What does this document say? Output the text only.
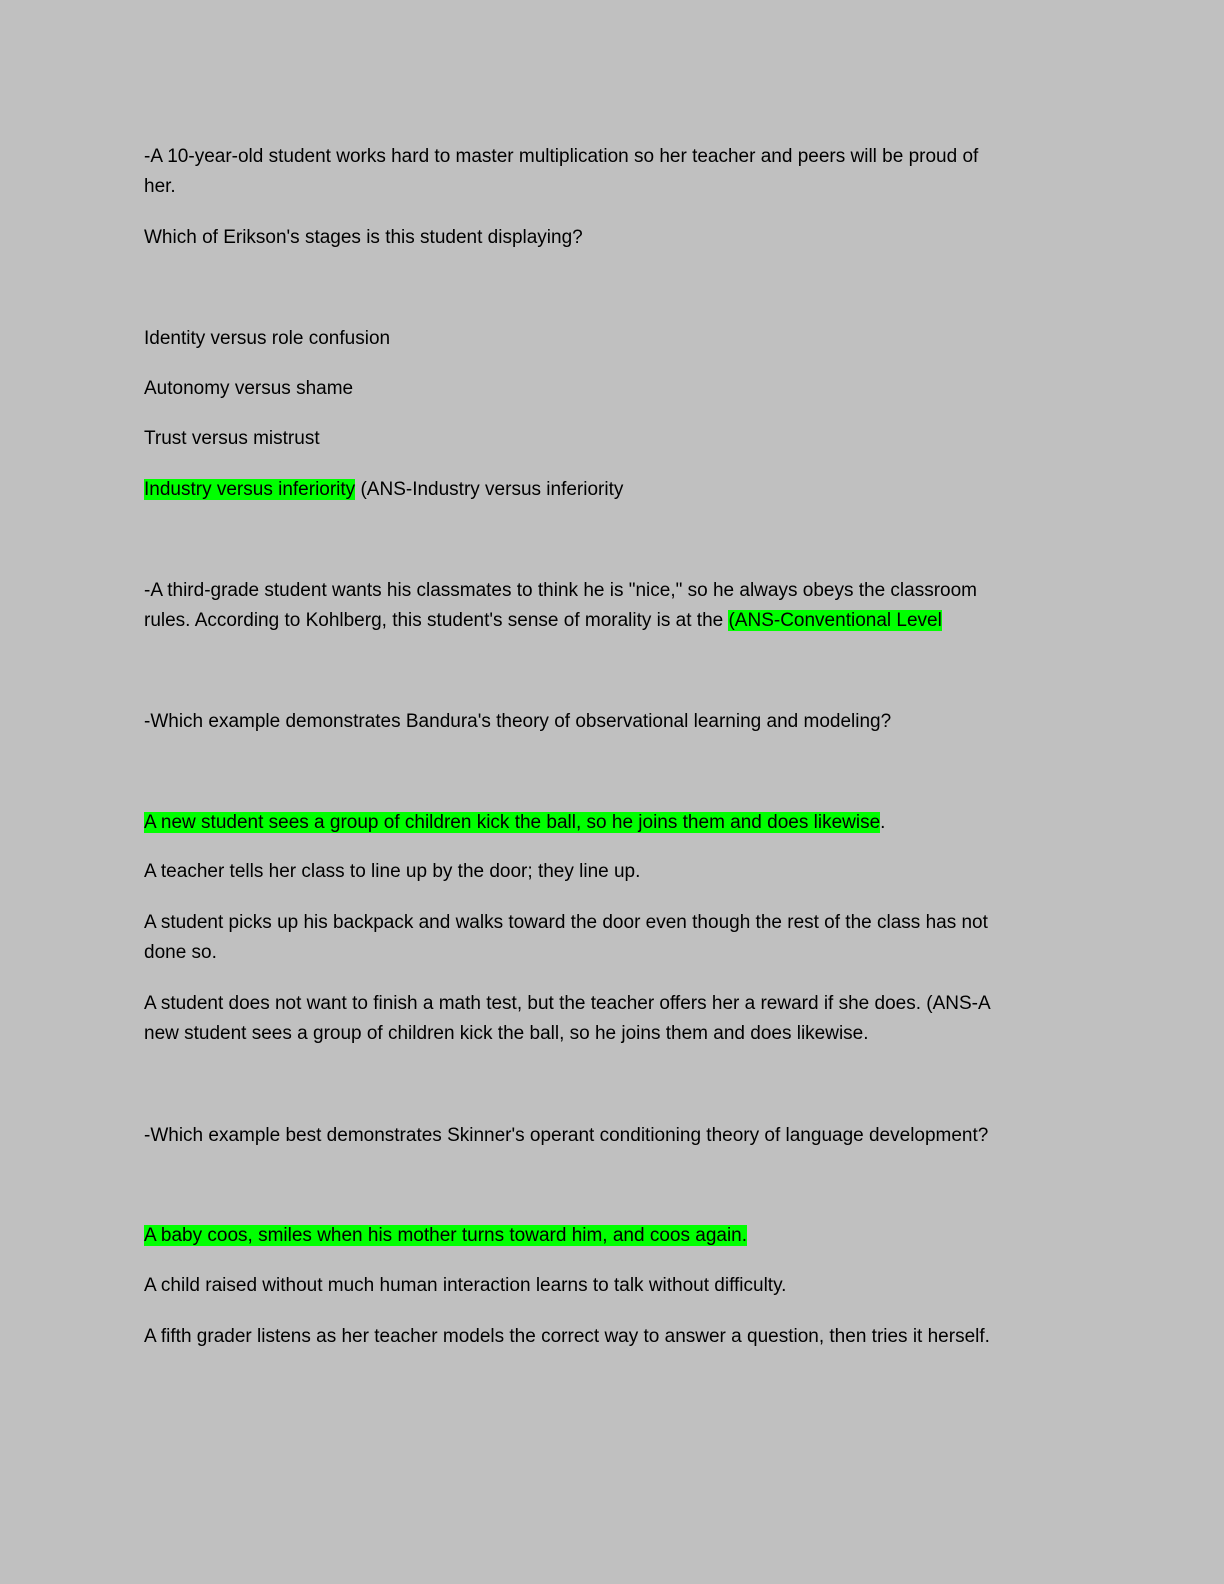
-A 10-year-old student works hard to master multiplication so her teacher and peers will be proud of

her.

Which of Erikson's stages is this student displaying?

Identity versus role confusion

Autonomy versus shame

Trust versus mistrust

Industry versus inferiority (ANS-Industry versus inferiority

-A third-grade student wants his classmates to think he is "nice," so he always obeys the classroom

rules. According to Kohlberg, this student's sense of morality is at the (ANS-Conventional Level

-Which example demonstrates Bandura's theory of observational learning and modeling?

A new student sees a group of children kick the ball, so he joins them and does likewise.

A teacher tells her class to line up by the door; they line up.

A student picks up his backpack and walks toward the door even though the rest of the class has not

done so.

A student does not want to finish a math test, but the teacher offers her a reward if she does. (ANS-A

new student sees a group of children kick the ball, so he joins them and does likewise.

-Which example best demonstrates Skinner's operant conditioning theory of language development?

A baby coos, smiles when his mother turns toward him, and coos again.

A child raised without much human interaction learns to talk without difficulty.

A fifth grader listens as her teacher models the correct way to answer a question, then tries it herself.
